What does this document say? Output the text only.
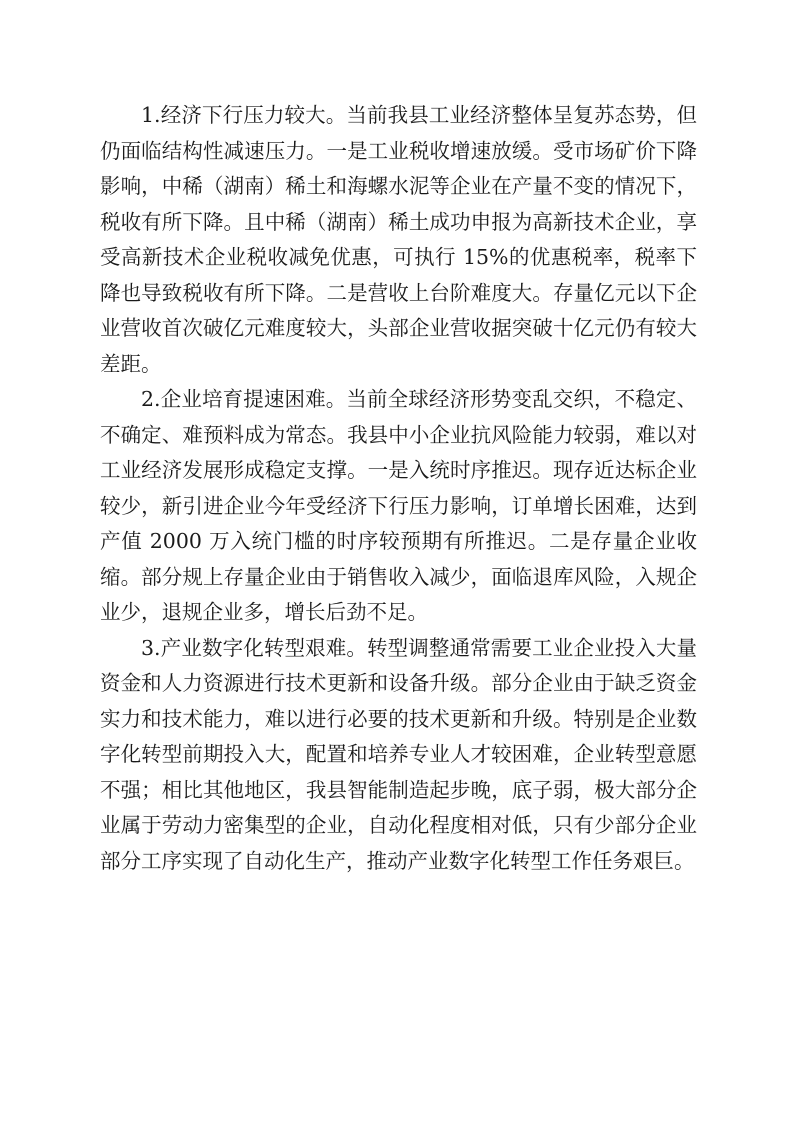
1.经济下行压力较大。当前我县工业经济整体呈复苏态势，但仍面临结构性减速压力。一是工业税收增速放缓。受市场矿价下降影响，中稀（湖南）稀土和海螺水泥等企业在产量不变的情况下，税收有所下降。且中稀（湖南）稀土成功申报为高新技术企业，享受高新技术企业税收减免优惠，可执行 15%的优惠税率，税率下降也导致税收有所下降。二是营收上台阶难度大。存量亿元以下企业营收首次破亿元难度较大，头部企业营收据突破十亿元仍有较大差距。

2.企业培育提速困难。当前全球经济形势变乱交织，不稳定、不确定、难预料成为常态。我县中小企业抗风险能力较弱，难以对工业经济发展形成稳定支撑。一是入统时序推迟。现存近达标企业较少，新引进企业今年受经济下行压力影响，订单增长困难，达到产值 2000 万入统门槛的时序较预期有所推迟。二是存量企业收缩。部分规上存量企业由于销售收入减少，面临退库风险，入规企业少，退规企业多，增长后劲不足。

3.产业数字化转型艰难。转型调整通常需要工业企业投入大量资金和人力资源进行技术更新和设备升级。部分企业由于缺乏资金实力和技术能力，难以进行必要的技术更新和升级。特别是企业数字化转型前期投入大，配置和培养专业人才较困难，企业转型意愿不强；相比其他地区，我县智能制造起步晚，底子弱，极大部分企业属于劳动力密集型的企业，自动化程度相对低，只有少部分企业部分工序实现了自动化生产，推动产业数字化转型工作任务艰巨。
